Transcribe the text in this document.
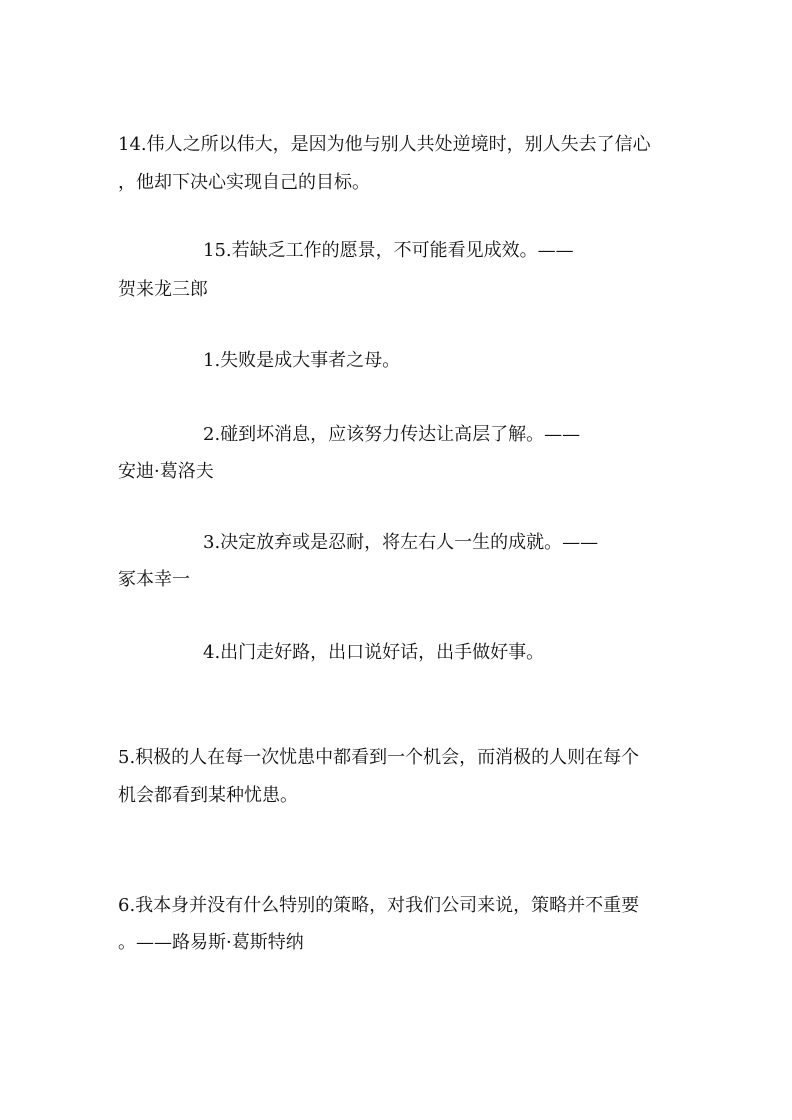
14.伟人之所以伟大，是因为他与别人共处逆境时，别人失去了信心
，他却下决心实现自己的目标。
15.若缺乏工作的愿景，不可能看见成效。——
贺来龙三郎
1.失败是成大事者之母。
2.碰到坏消息，应该努力传达让高层了解。——
安迪·葛洛夫
3.决定放弃或是忍耐，将左右人一生的成就。——
冢本幸一
4.出门走好路，出口说好话，出手做好事。
5.积极的人在每一次忧患中都看到一个机会，而消极的人则在每个
机会都看到某种忧患。
6.我本身并没有什么特别的策略，对我们公司来说，策略并不重要
。——路易斯·葛斯特纳
